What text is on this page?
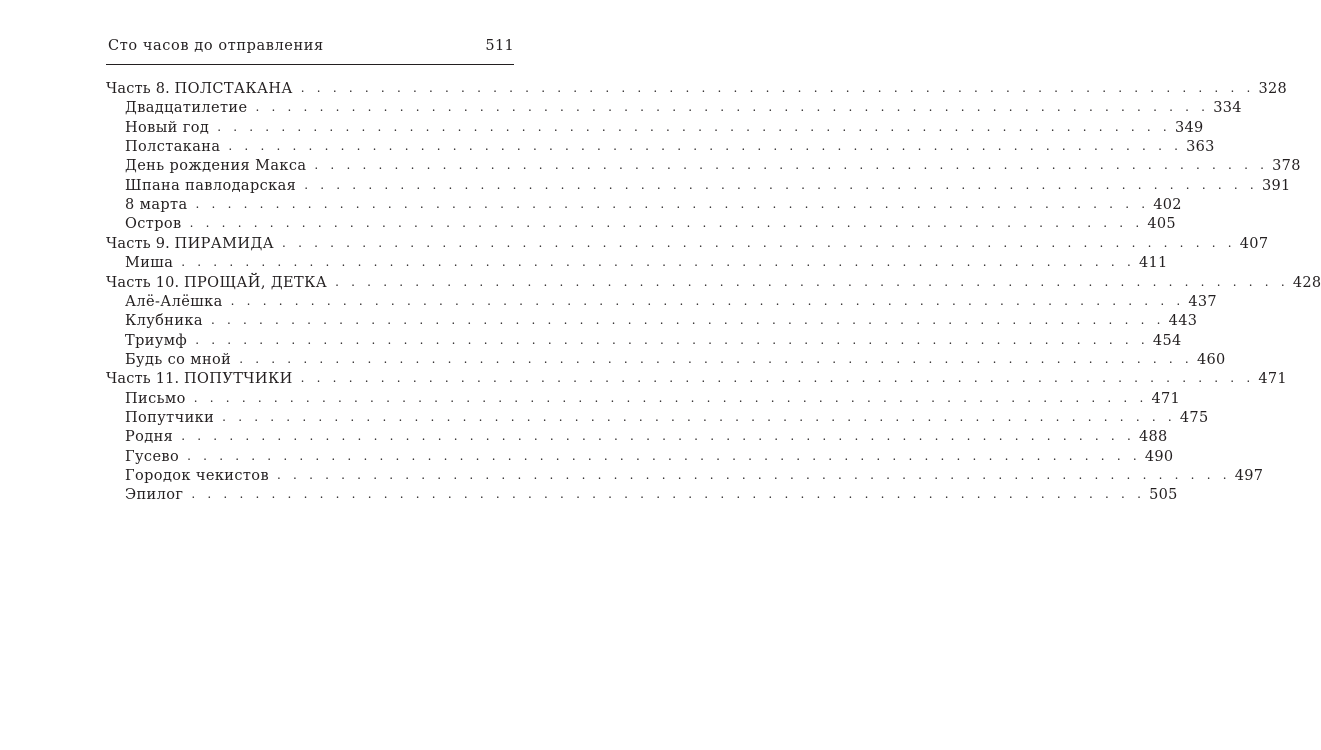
Сто часов до отправления	511
Часть 8. ПОЛСТАКАНА . . . . . . . . . . . . . . . . . . . . . . . . . . . . . . . . . . . . . . . . . . . . . . . . . . . . . . . . . . . . 328
Двадцатилетие . . . . . . . . . . . . . . . . . . . . . . . . . . . . . . . . . . . . . . . . . . . . . . . . . . . . . . . . . . . . 334
Новый год . . . . . . . . . . . . . . . . . . . . . . . . . . . . . . . . . . . . . . . . . . . . . . . . . . . . . . . . . . . . 349
Полстакана . . . . . . . . . . . . . . . . . . . . . . . . . . . . . . . . . . . . . . . . . . . . . . . . . . . . . . . . . . . . 363
День рождения Макса . . . . . . . . . . . . . . . . . . . . . . . . . . . . . . . . . . . . . . . . . . . . . . . . . . . . . . . . . . . . 378
Шпана павлодарская . . . . . . . . . . . . . . . . . . . . . . . . . . . . . . . . . . . . . . . . . . . . . . . . . . . . . . . . . . . . 391
8 марта . . . . . . . . . . . . . . . . . . . . . . . . . . . . . . . . . . . . . . . . . . . . . . . . . . . . . . . . . . . . 402
Остров . . . . . . . . . . . . . . . . . . . . . . . . . . . . . . . . . . . . . . . . . . . . . . . . . . . . . . . . . . . . 405
Часть 9. ПИРАМИДА . . . . . . . . . . . . . . . . . . . . . . . . . . . . . . . . . . . . . . . . . . . . . . . . . . . . . . . . . . . . 407
Миша . . . . . . . . . . . . . . . . . . . . . . . . . . . . . . . . . . . . . . . . . . . . . . . . . . . . . . . . . . . . 411
Часть 10. ПРОЩАЙ, ДЕТКА . . . . . . . . . . . . . . . . . . . . . . . . . . . . . . . . . . . . . . . . . . . . . . . . . . . . . . . . . . . . 428
Алё-Алёшка . . . . . . . . . . . . . . . . . . . . . . . . . . . . . . . . . . . . . . . . . . . . . . . . . . . . . . . . . . . . 437
Клубника . . . . . . . . . . . . . . . . . . . . . . . . . . . . . . . . . . . . . . . . . . . . . . . . . . . . . . . . . . . . 443
Триумф . . . . . . . . . . . . . . . . . . . . . . . . . . . . . . . . . . . . . . . . . . . . . . . . . . . . . . . . . . . . 454
Будь со мной . . . . . . . . . . . . . . . . . . . . . . . . . . . . . . . . . . . . . . . . . . . . . . . . . . . . . . . . . . . . 460
Часть 11. ПОПУТЧИКИ . . . . . . . . . . . . . . . . . . . . . . . . . . . . . . . . . . . . . . . . . . . . . . . . . . . . . . . . . . . . 471
Письмо . . . . . . . . . . . . . . . . . . . . . . . . . . . . . . . . . . . . . . . . . . . . . . . . . . . . . . . . . . . . 471
Попутчики . . . . . . . . . . . . . . . . . . . . . . . . . . . . . . . . . . . . . . . . . . . . . . . . . . . . . . . . . . . . 475
Родня . . . . . . . . . . . . . . . . . . . . . . . . . . . . . . . . . . . . . . . . . . . . . . . . . . . . . . . . . . . . 488
Гусево . . . . . . . . . . . . . . . . . . . . . . . . . . . . . . . . . . . . . . . . . . . . . . . . . . . . . . . . . . . . 490
Городок чекистов . . . . . . . . . . . . . . . . . . . . . . . . . . . . . . . . . . . . . . . . . . . . . . . . . . . . . . . . . . . . 497
Эпилог . . . . . . . . . . . . . . . . . . . . . . . . . . . . . . . . . . . . . . . . . . . . . . . . . . . . . . . . . . . . 505
